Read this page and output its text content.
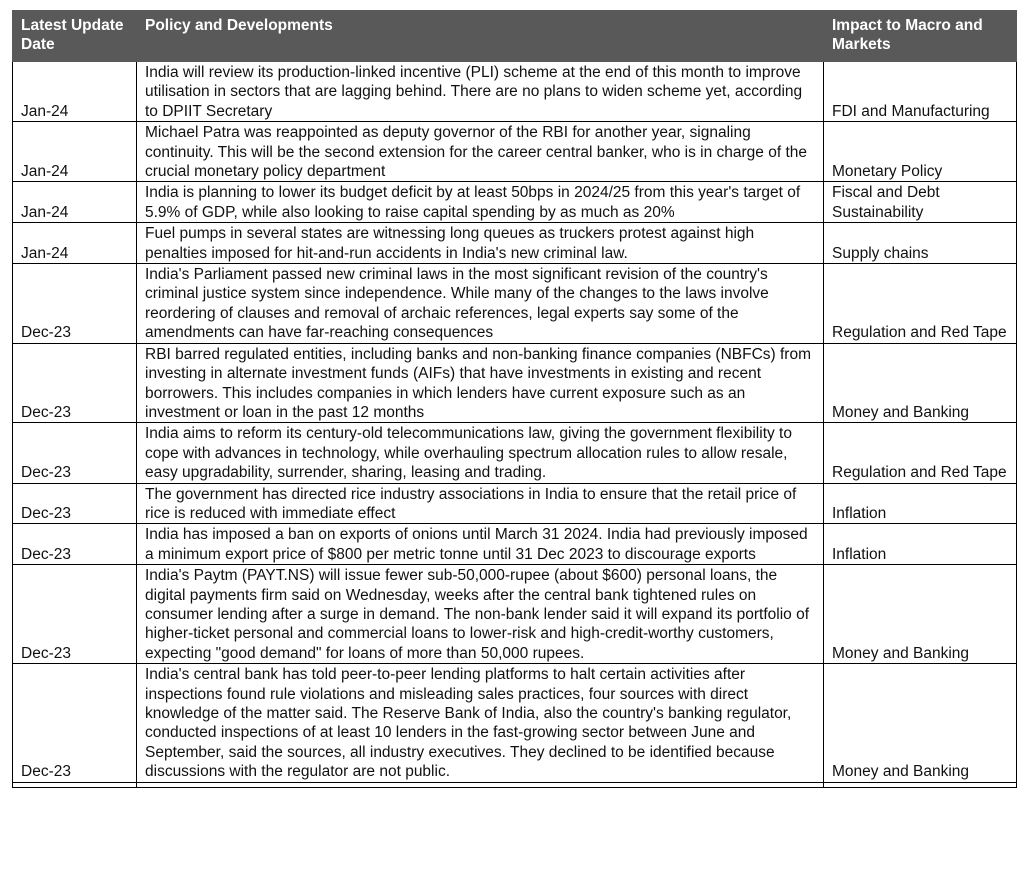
Latest Update Date	Policy and Developments	Impact to Macro and Markets
Jan-24	India will review its production-linked incentive (PLI) scheme at the end of this month to improve utilisation in sectors that are lagging behind. There are no plans to widen scheme yet, according to DPIIT Secretary	FDI and Manufacturing
Jan-24	Michael Patra was reappointed as deputy governor of the RBI for another year, signaling continuity. This will be the second extension for the career central banker, who is in charge of the crucial monetary policy department	Monetary Policy
Jan-24	India is planning to lower its budget deficit by at least 50bps in 2024/25 from this year's target of 5.9% of GDP, while also looking to raise capital spending by as much as 20%	Fiscal and Debt Sustainability
Jan-24	Fuel pumps in several states are witnessing long queues as truckers protest against high penalties imposed for hit-and-run accidents in India's new criminal law.	Supply chains
Dec-23	India's Parliament passed new criminal laws in the most significant revision of the country's criminal justice system since independence. While many of the changes to the laws involve reordering of clauses and removal of archaic references, legal experts say some of the amendments can have far-reaching consequences	Regulation and Red Tape
Dec-23	RBI barred regulated entities, including banks and non-banking finance companies (NBFCs) from investing in alternate investment funds (AIFs) that have investments in existing and recent borrowers. This includes companies in which lenders have current exposure such as an investment or loan in the past 12 months	Money and Banking
Dec-23	India aims to reform its century-old telecommunications law, giving the government flexibility to cope with advances in technology, while overhauling spectrum allocation rules to allow resale, easy upgradability, surrender, sharing, leasing and trading.	Regulation and Red Tape
Dec-23	The government has directed rice industry associations in India to ensure that the retail price of rice is reduced with immediate effect	Inflation
Dec-23	India has imposed a ban on exports of onions until March 31 2024. India had previously imposed a minimum export price of $800 per metric tonne until 31 Dec 2023 to discourage exports	Inflation
Dec-23	India's Paytm (PAYT.NS) will issue fewer sub-50,000-rupee (about $600) personal loans, the digital payments firm said on Wednesday, weeks after the central bank tightened rules on consumer lending after a surge in demand. The non-bank lender said it will expand its portfolio of higher-ticket personal and commercial loans to lower-risk and high-credit-worthy customers, expecting "good demand" for loans of more than 50,000 rupees.	Money and Banking
Dec-23	India's central bank has told peer-to-peer lending platforms to halt certain activities after inspections found rule violations and misleading sales practices, four sources with direct knowledge of the matter said. The Reserve Bank of India, also the country's banking regulator, conducted inspections of at least 10 lenders in the fast-growing sector between June and September, said the sources, all industry executives. They declined to be identified because discussions with the regulator are not public.	Money and Banking
